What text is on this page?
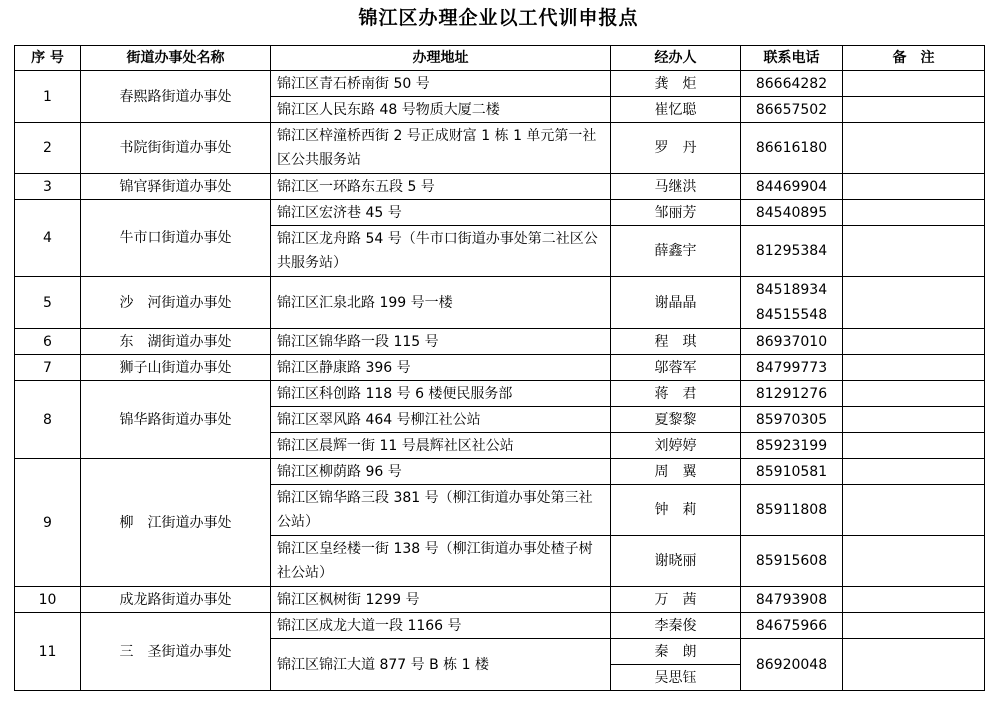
锦江区办理企业以工代训申报点
序 号	街道办事处名称	办理地址	经办人	联系电话	备　注
1	春熙路街道办事处	锦江区青石桥南街 50 号	龚　炬	86664282	
		锦江区人民东路 48 号物质大厦二楼	崔忆聪	86657502	
2	书院街街道办事处	锦江区梓潼桥西街 2 号正成财富 1 栋 1 单元第一社区公共服务站	罗　丹	86616180	
3	锦官驿街道办事处	锦江区一环路东五段 5 号	马继洪	84469904	
4	牛市口街道办事处	锦江区宏济巷 45 号	邹丽芳	84540895	
		锦江区龙舟路 54 号（牛市口街道办事处第二社区公共服务站）	薛鑫宇	81295384	
5	沙　河街道办事处	锦江区汇泉北路 199 号一楼	谢晶晶	84518934	
				84515548	
6	东　湖街道办事处	锦江区锦华路一段 115 号	程　琪	86937010	
7	狮子山街道办事处	锦江区静康路 396 号	邬蓉军	84799773	
8	锦华路街道办事处	锦江区科创路 118 号 6 楼便民服务部	蒋　君	81291276	
		锦江区翠风路 464 号柳江社公站	夏黎黎	85970305	
		锦江区晨辉一街 11 号晨辉社区社公站	刘婷婷	85923199	
9	柳　江街道办事处	锦江区柳荫路 96 号	周　翼	85910581	
		锦江区锦华路三段 381 号（柳江街道办事处第三社公站）	钟　莉	85911808	
		锦江区皇经楼一街 138 号（柳江街道办事处楂子树社公站）	谢晓丽	85915608	
10	成龙路街道办事处	锦江区枫树街 1299 号	万　茜	84793908	
11	三　圣街道办事处	锦江区成龙大道一段 1166 号	李秦俊	84675966	
		锦江区锦江大道 877 号 B 栋 1 楼	秦　朗	86920048	
			吴思钰		
